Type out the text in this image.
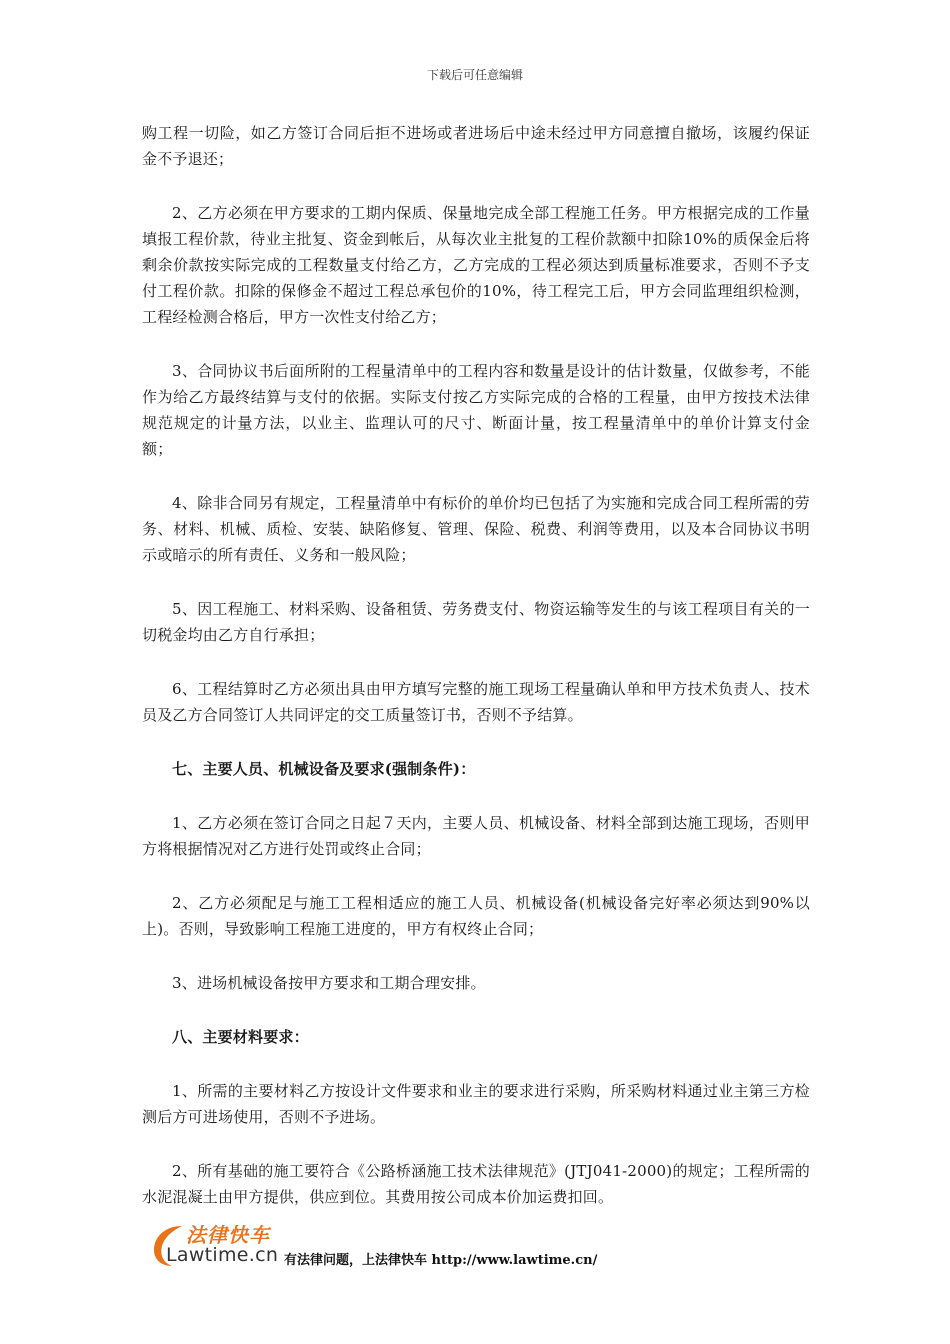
下载后可任意编辑

购工程一切险，如乙方签订合同后拒不进场或者进场后中途未经过甲方同意擅自撤场，该履约保证金不予退还；

2、乙方必须在甲方要求的工期内保质、保量地完成全部工程施工任务。甲方根据完成的工作量填报工程价款，待业主批复、资金到帐后，从每次业主批复的工程价款额中扣除10%的质保金后将剩余价款按实际完成的工程数量支付给乙方，乙方完成的工程必须达到质量标准要求，否则不予支付工程价款。扣除的保修金不超过工程总承包价的10%，待工程完工后，甲方会同监理组织检测，工程经检测合格后，甲方一次性支付给乙方；

3、合同协议书后面所附的工程量清单中的工程内容和数量是设计的估计数量，仅做参考，不能作为给乙方最终结算与支付的依据。实际支付按乙方实际完成的合格的工程量，由甲方按技术法律规范规定的计量方法，以业主、监理认可的尺寸、断面计量，按工程量清单中的单价计算支付金额；

4、除非合同另有规定，工程量清单中有标价的单价均已包括了为实施和完成合同工程所需的劳务、材料、机械、质检、安装、缺陷修复、管理、保险、税费、利润等费用，以及本合同协议书明示或暗示的所有责任、义务和一般风险；

5、因工程施工、材料采购、设备租赁、劳务费支付、物资运输等发生的与该工程项目有关的一切税金均由乙方自行承担；

6、工程结算时乙方必须出具由甲方填写完整的施工现场工程量确认单和甲方技术负责人、技术员及乙方合同签订人共同评定的交工质量签订书，否则不予结算。

七、主要人员、机械设备及要求(强制条件)：

1、乙方必须在签订合同之日起７天内，主要人员、机械设备、材料全部到达施工现场，否则甲方将根据情况对乙方进行处罚或终止合同；

2、乙方必须配足与施工工程相适应的施工人员、机械设备(机械设备完好率必须达到90%以上)。否则，导致影响工程施工进度的，甲方有权终止合同；

3、进场机械设备按甲方要求和工期合理安排。

八、主要材料要求：

1、所需的主要材料乙方按设计文件要求和业主的要求进行采购，所采购材料通过业主第三方检测后方可进场使用，否则不予进场。

2、所有基础的施工要符合《公路桥涵施工技术法律规范》(JTJ041-2000)的规定；工程所需的水泥混凝土由甲方提供，供应到位。其费用按公司成本价加运费扣回。

法律快车
Lawtime.cn 有法律问题，上法律快车 http://www.lawtime.cn/
